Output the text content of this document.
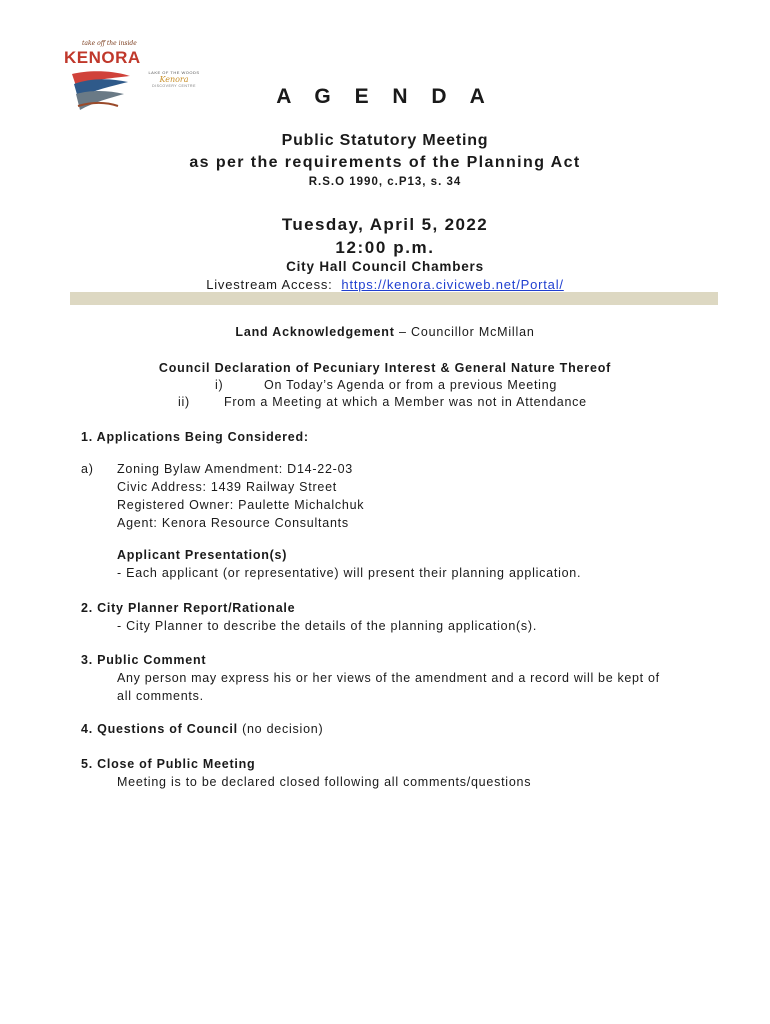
take off the inside
KENORA
LAKE OF THE WOODS
Kenora
DISCOVERY CENTRE	A G E N D A
Public Statutory Meeting
as per the requirements of the Planning Act
R.S.O 1990, c.P13, s. 34
Tuesday, April 5, 2022
12:00 p.m.
City Hall Council Chambers
Livestream Access: https://kenora.civicweb.net/Portal/
Land Acknowledgement – Councillor McMillan
Council Declaration of Pecuniary Interest & General Nature Thereof
i)	On Today’s Agenda or from a previous Meeting
ii)	From a Meeting at which a Member was not in Attendance
1. Applications Being Considered:
a) Zoning Bylaw Amendment: D14-22-03
Civic Address: 1439 Railway Street
Registered Owner: Paulette Michalchuk
Agent: Kenora Resource Consultants
Applicant Presentation(s)
- Each applicant (or representative) will present their planning application.
2. City Planner Report/Rationale
- City Planner to describe the details of the planning application(s).
3. Public Comment
Any person may express his or her views of the amendment and a record will be kept of
all comments.
4. Questions of Council (no decision)
5. Close of Public Meeting
Meeting is to be declared closed following all comments/questions
